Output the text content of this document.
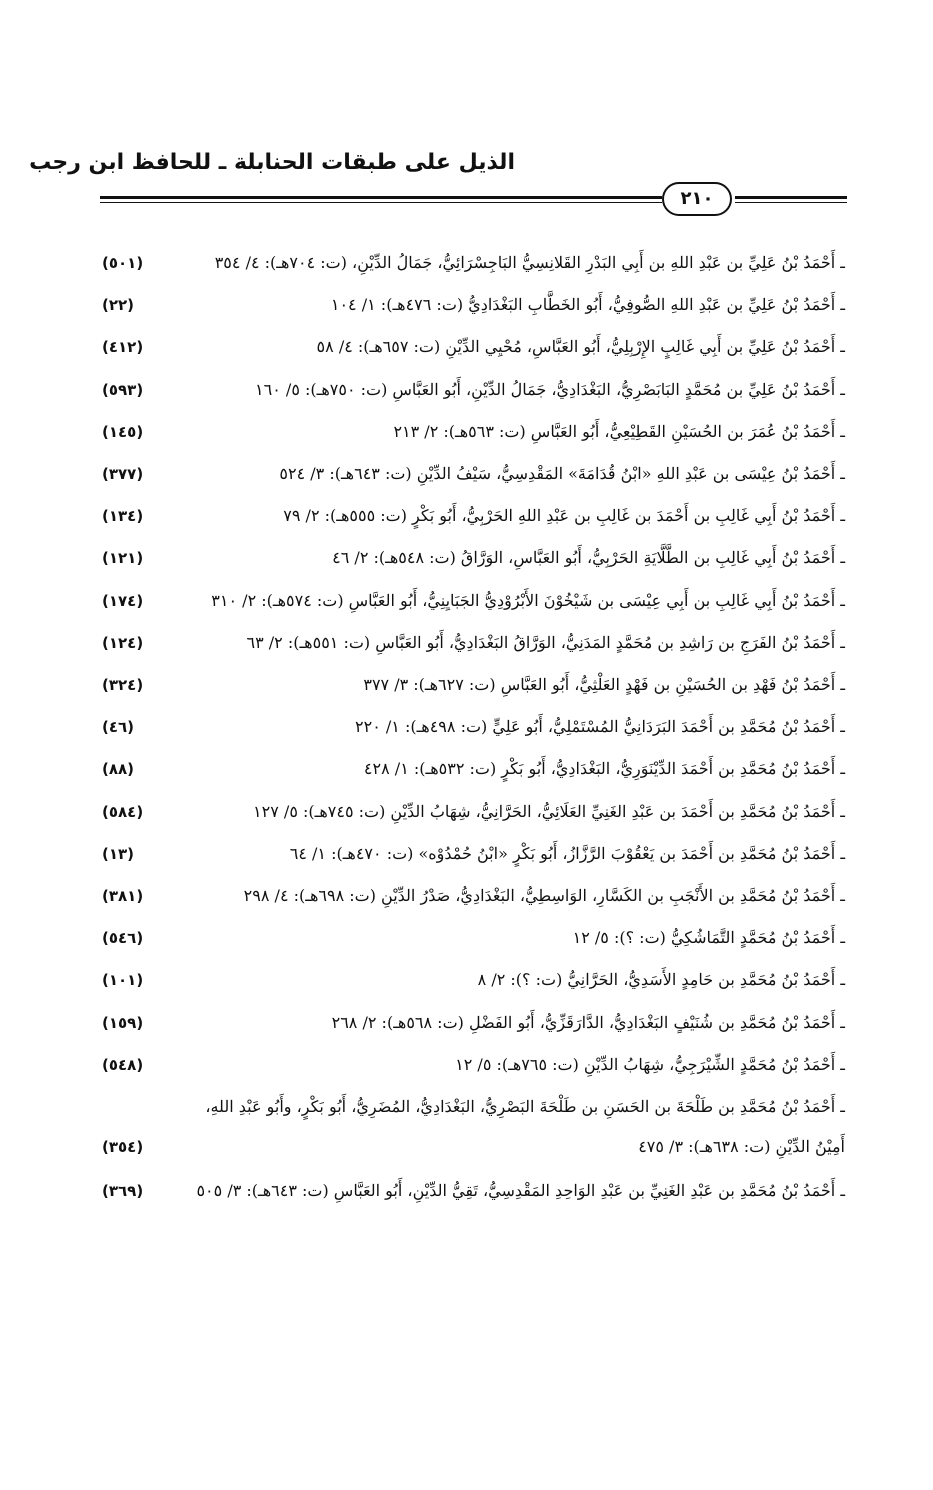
الذيل على طبقات الحنابلة ـ للحافظ ابن رجب
٢١٠
ـ أَحْمَدُ بْنُ عَلِيِّ بن عَبْدِ اللهِ بن أَبِي البَدْرِ القَلانِسِيُّ البَاجِسْرَائِيُّ، جَمَالُ الدِّيْنِ، (ت: ٧٠٤هـ): ٤/ ٣٥٤
(٥٠١)
ـ أَحْمَدُ بْنُ عَلِيِّ بن عَبْدِ اللهِ الصُّوفِيُّ، أَبُو الخَطَّابِ البَغْدَادِيُّ (ت: ٤٧٦هـ): ١/ ١٠٤
(٢٢)
ـ أَحْمَدُ بْنُ عَلِيِّ بن أَبِي غَالِبٍ الإِرْبِلِيُّ، أَبُو العَبَّاسِ، مُحْيِي الدِّيْنِ (ت: ٦٥٧هـ): ٤/ ٥٨
(٤١٢)
ـ أَحْمَدُ بْنُ عَلِيِّ بن مُحَمَّدٍ البَابَصْرِيُّ، البَغْدَادِيُّ، جَمَالُ الدِّيْنِ، أَبُو العَبَّاسِ (ت: ٧٥٠هـ): ٥/ ١٦٠
(٥٩٣)
ـ أَحْمَدُ بْنُ عُمَرَ بن الحُسَيْنِ القَطِيْعِيُّ، أَبُو العَبَّاسِ (ت: ٥٦٣هـ): ٢/ ٢١٣
(١٤٥)
ـ أَحْمَدُ بْنُ عِيْسَى بن عَبْدِ اللهِ «ابْنُ قُدَامَةَ» المَقْدِسِيُّ، سَيْفُ الدِّيْنِ (ت: ٦٤٣هـ): ٣/ ٥٢٤
(٣٧٧)
ـ أَحْمَدُ بْنُ أَبِي غَالِبِ بن أَحْمَدَ بن غَالِبِ بن عَبْدِ اللهِ الحَرْبِيُّ، أَبُو بَكْرٍ (ت: ٥٥٥هـ): ٢/ ٧٩
(١٣٤)
ـ أَحْمَدُ بْنُ أَبِي غَالِبِ بن الطَّلَّايَةِ الحَرْبِيُّ، أَبُو العَبَّاسِ، الوَرَّاقُ (ت: ٥٤٨هـ): ٢/ ٤٦
(١٢١)
ـ أَحْمَدُ بْنُ أَبِي غَالِبِ بن أَبِي عِيْسَى بن شَيْخُوْنَ الأَبْرُوْدِيُّ الجَبَايِنِيُّ، أَبُو العَبَّاسِ (ت: ٥٧٤هـ): ٢/ ٣١٠
(١٧٤)
ـ أَحْمَدُ بْنُ الفَرَجِ بن رَاشِدِ بن مُحَمَّدٍ المَدَنِيُّ، الوَرَّاقُ البَغْدَادِيُّ، أَبُو العَبَّاسِ (ت: ٥٥١هـ): ٢/ ٦٣
(١٢٤)
ـ أَحْمَدُ بْنُ فَهْدِ بن الحُسَيْنِ بن فَهْدٍ العَلْثِيُّ، أَبُو العَبَّاسِ (ت: ٦٢٧هـ): ٣/ ٣٧٧
(٣٢٤)
ـ أَحْمَدُ بْنُ مُحَمَّدِ بن أَحْمَدَ البَرَدَانِيُّ المُسْتَمْلِيُّ، أَبُو عَلِيٍّ (ت: ٤٩٨هـ): ١/ ٢٢٠
(٤٦)
ـ أَحْمَدُ بْنُ مُحَمَّدِ بن أَحْمَدَ الدِّيْنَوَرِيُّ، البَغْدَادِيُّ، أَبُو بَكْرٍ (ت: ٥٣٢هـ): ١/ ٤٢٨
(٨٨)
ـ أَحْمَدُ بْنُ مُحَمَّدِ بن أَحْمَدَ بن عَبْدِ الغَنِيِّ العَلَائِيُّ، الحَرَّانِيُّ، شِهَابُ الدِّيْنِ (ت: ٧٤٥هـ): ٥/ ١٢٧
(٥٨٤)
ـ أَحْمَدُ بْنُ مُحَمَّدِ بن أَحْمَدَ بن يَعْقُوْبَ الرَّزَّازُ، أَبُو بَكْرٍ «ابْنُ حُمْدُوْه» (ت: ٤٧٠هـ): ١/ ٦٤
(١٣)
ـ أَحْمَدُ بْنُ مُحَمَّدِ بن الأَنْجَبِ بن الكَسَّارِ، الوَاسِطِيُّ، البَغْدَادِيُّ، صَدْرُ الدِّيْنِ (ت: ٦٩٨هـ): ٤/ ٢٩٨
(٣٨١)
ـ أَحْمَدُ بْنُ مُحَمَّدٍ التَّمَاشُكِيُّ (ت: ؟): ٥/ ١٢
(٥٤٦)
ـ أَحْمَدُ بْنُ مُحَمَّدِ بن حَامِدٍ الأَسَدِيُّ، الحَرَّانِيُّ (ت: ؟): ٢/ ٨
(١٠١)
ـ أَحْمَدُ بْنُ مُحَمَّدِ بن شُنَيْفٍ البَغْدَادِيُّ، الدَّارَقَزِّيُّ، أَبُو الفَضْلِ (ت: ٥٦٨هـ): ٢/ ٢٦٨
(١٥٩)
ـ أَحْمَدُ بْنُ مُحَمَّدٍ الشِّيْرَجِيُّ، شِهَابُ الدِّيْنِ (ت: ٧٦٥هـ): ٥/ ١٢
(٥٤٨)
ـ أَحْمَدُ بْنُ مُحَمَّدِ بن طَلْحَةَ بن الحَسَنِ بن طَلْحَةَ البَصْرِيُّ، البَغْدَادِيُّ، المُضَرِيُّ، أَبُو بَكْرٍ، وأَبُو عَبْدِ اللهِ،
أَمِيْنُ الدِّيْنِ (ت: ٦٣٨هـ): ٣/ ٤٧٥
(٣٥٤)
ـ أَحْمَدُ بْنُ مُحَمَّدِ بن عَبْدِ الغَنِيِّ بن عَبْدِ الوَاحِدِ المَقْدِسِيُّ، تَقِيُّ الدِّيْنِ، أَبُو العَبَّاسِ (ت: ٦٤٣هـ): ٣/ ٥٠٥
(٣٦٩)
